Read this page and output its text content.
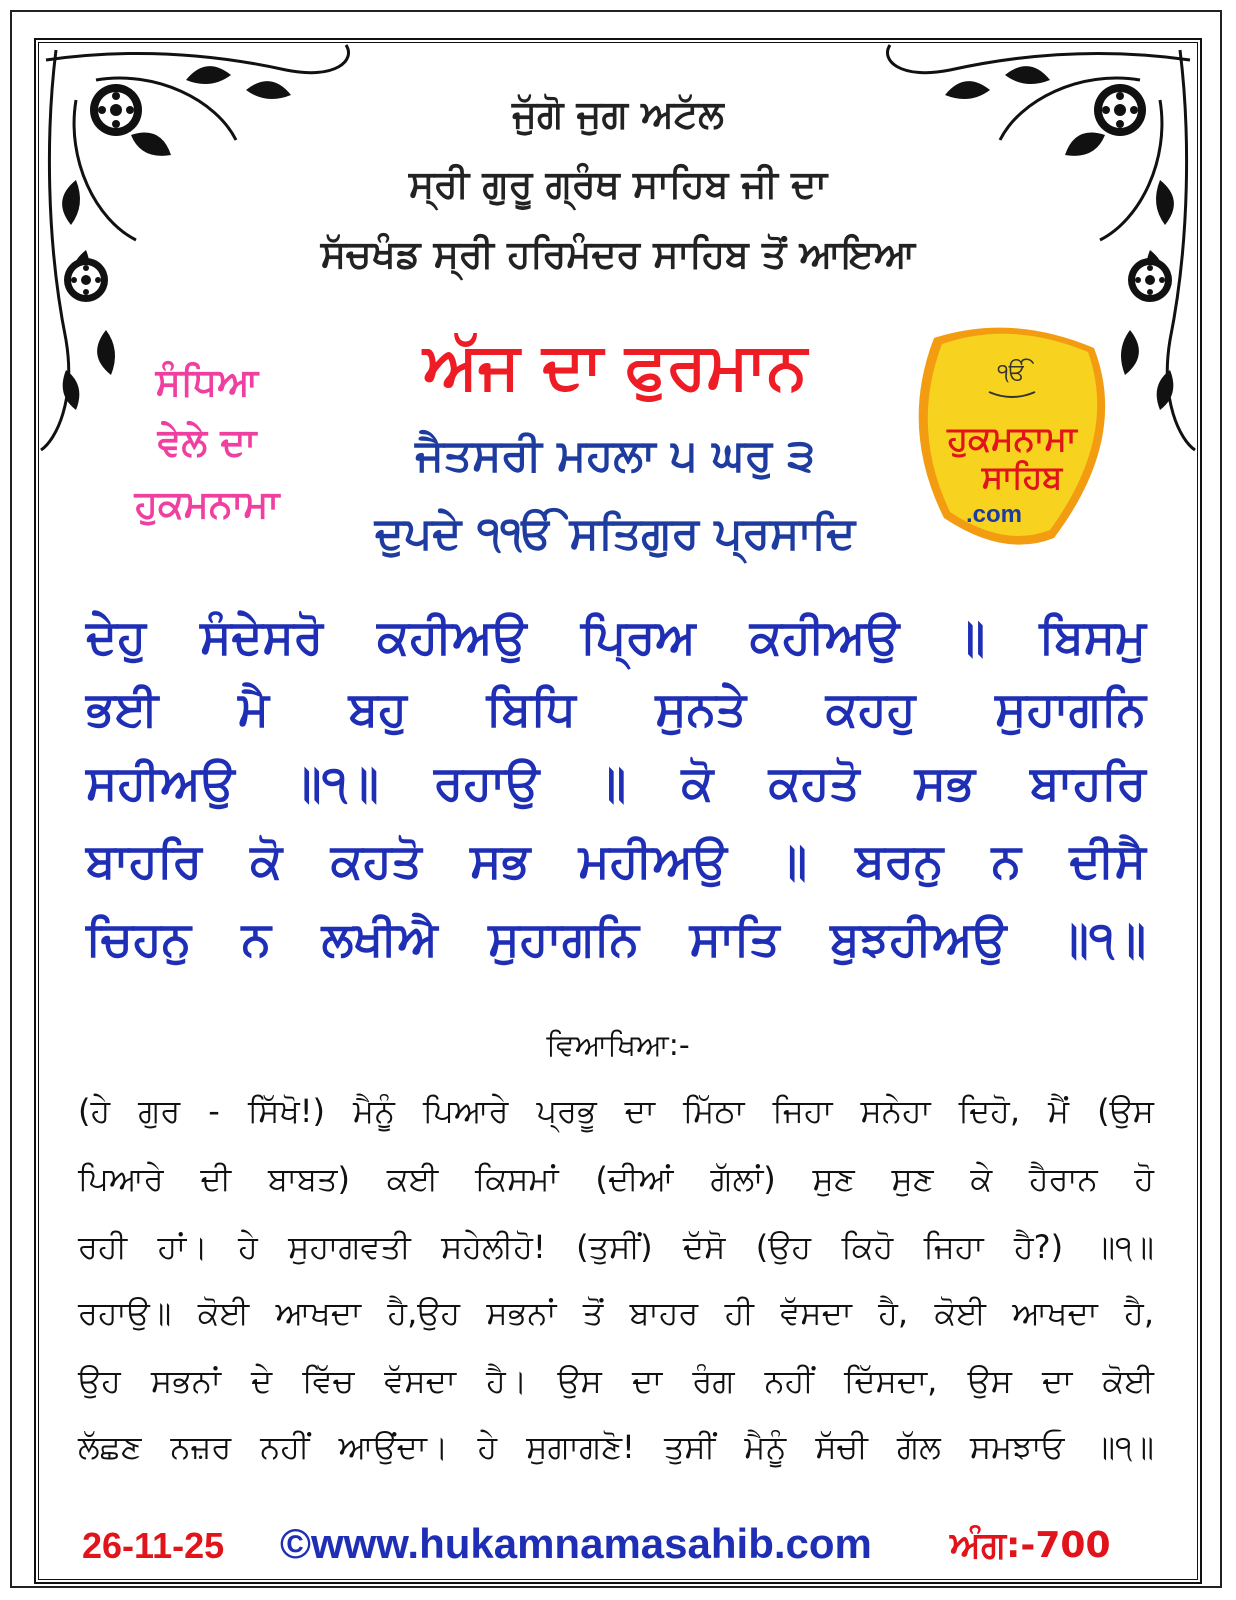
ਜੁੱਗੋ ਜੁਗ ਅਟੱਲ
ਸ੍ਰੀ ਗੁਰੂ ਗ੍ਰੰਥ ਸਾਹਿਬ ਜੀ ਦਾ
ਸੱਚਖੰਡ ਸ੍ਰੀ ਹਰਿਮੰਦਰ ਸਾਹਿਬ ਤੋਂ ਆਇਆ
ਅੱਜ ਦਾ ਫੁਰਮਾਨ
ਜੈਤਸਰੀ ਮਹਲਾ ੫ ਘਰੁ ੩
ਦੁਪਦੇ ੧ੴ ਸਤਿਗੁਰ ਪ੍ਰਸਾਦਿ
ਸੰਧਿਆ
ਵੇਲੇ ਦਾ
ਹੁਕਮਨਾਮਾ
ੴ
ਹੁਕਮਨਾਮਾ
ਸਾਹਿਬ
.com
ਦੇਹੁ ਸੰਦੇਸਰੋ ਕਹੀਅਉ ਪ੍ਰਿਅ ਕਹੀਅਉ ॥ ਬਿਸਮੁ
ਭਈ ਮੈ ਬਹੁ ਬਿਧਿ ਸੁਨਤੇ ਕਹਹੁ ਸੁਹਾਗਨਿ
ਸਹੀਅਉ ॥੧॥ ਰਹਾਉ ॥ ਕੋ ਕਹਤੋ ਸਭ ਬਾਹਰਿ
ਬਾਹਰਿ ਕੋ ਕਹਤੋ ਸਭ ਮਹੀਅਉ ॥ ਬਰਨੁ ਨ ਦੀਸੈ
ਚਿਹਨੁ ਨ ਲਖੀਐ ਸੁਹਾਗਨਿ ਸਾਤਿ ਬੁਝਹੀਅਉ ॥੧॥
ਵਿਆਖਿਆ:-
(ਹੇ ਗੁਰ - ਸਿੱਖੋ!) ਮੈਨੂੰ ਪਿਆਰੇ ਪ੍ਰਭੂ ਦਾ ਮਿੱਠਾ ਜਿਹਾ ਸਨੇਹਾ ਦਿਹੋ, ਮੈਂ (ਉਸ
ਪਿਆਰੇ ਦੀ ਬਾਬਤ) ਕਈ ਕਿਸਮਾਂ (ਦੀਆਂ ਗੱਲਾਂ) ਸੁਣ ਸੁਣ ਕੇ ਹੈਰਾਨ ਹੋ
ਰਹੀ ਹਾਂ। ਹੇ ਸੁਹਾਗਵਤੀ ਸਹੇਲੀਹੋ! (ਤੁਸੀਂ) ਦੱਸੋ (ਉਹ ਕਿਹੋ ਜਿਹਾ ਹੈ?) ॥੧॥
ਰਹਾਉ॥ ਕੋਈ ਆਖਦਾ ਹੈ,ਉਹ ਸਭਨਾਂ ਤੋਂ ਬਾਹਰ ਹੀ ਵੱਸਦਾ ਹੈ, ਕੋਈ ਆਖਦਾ ਹੈ,
ਉਹ ਸਭਨਾਂ ਦੇ ਵਿੱਚ ਵੱਸਦਾ ਹੈ। ਉਸ ਦਾ ਰੰਗ ਨਹੀਂ ਦਿੱਸਦਾ, ਉਸ ਦਾ ਕੋਈ
ਲੱਛਣ ਨਜ਼ਰ ਨਹੀਂ ਆਉਂਦਾ। ਹੇ ਸੁਗਾਗਣੋ! ਤੁਸੀਂ ਮੈਨੂੰ ਸੱਚੀ ਗੱਲ ਸਮਝਾਓ ॥੧॥
26-11-25 ©www.hukamnamasahib.com ਅੰਗ:-700
